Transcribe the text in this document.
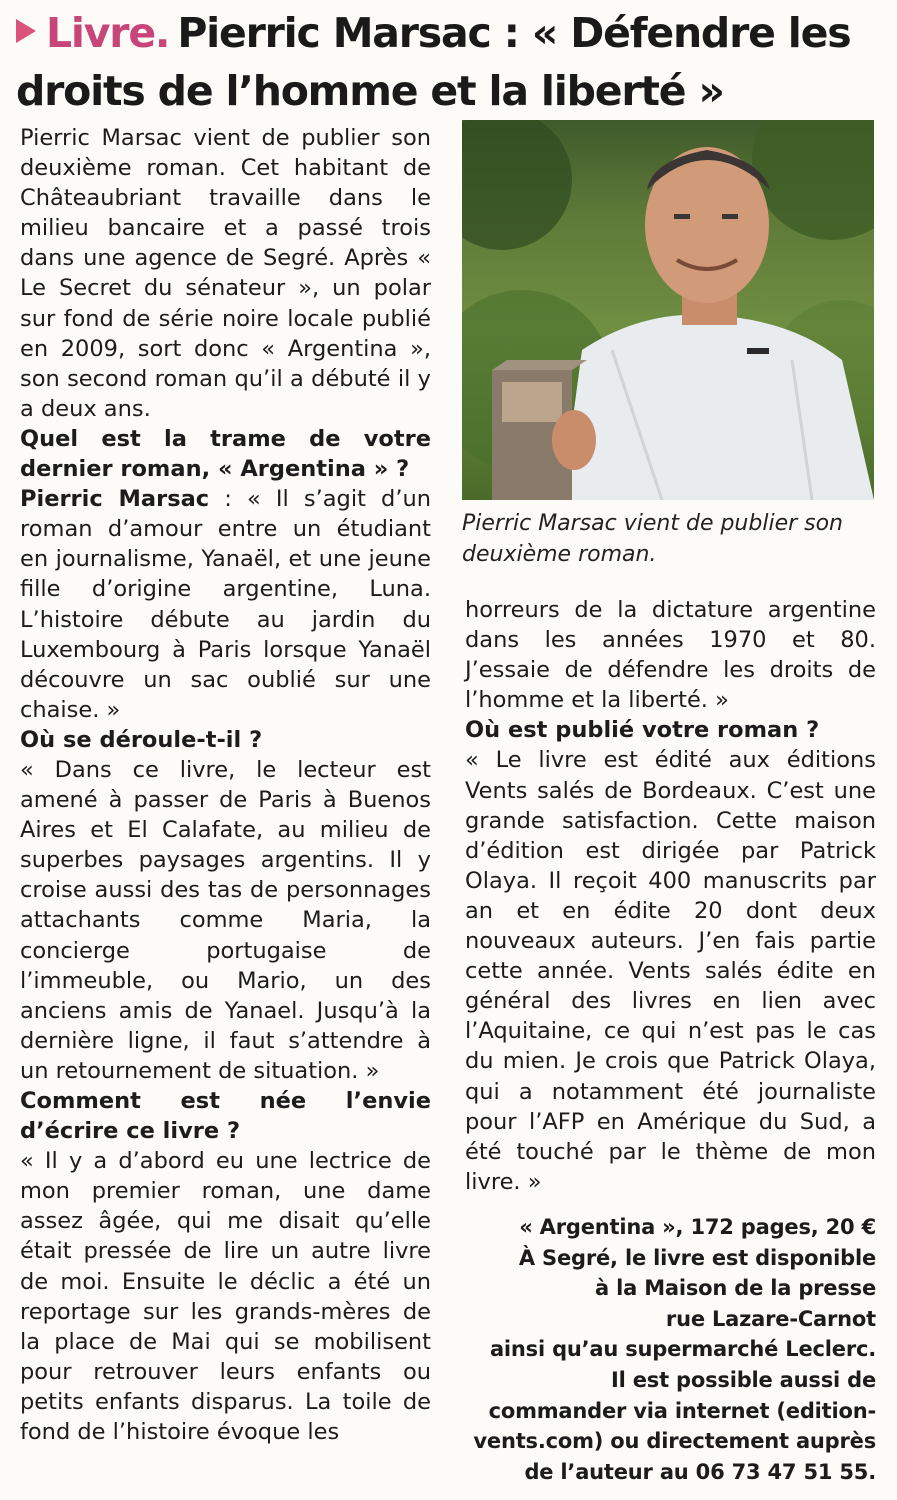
Livre. Pierric Marsac : « Défendre les droits de l’homme et la liberté »

Pierric Marsac vient de publier son deuxième roman. Cet habitant de Châteaubriant travaille dans le milieu bancaire et a passé trois dans une agence de Segré. Après « Le Secret du sénateur », un polar sur fond de série noire locale publié en 2009, sort donc « Argentina », son second roman qu’il a débuté il y a deux ans.

Quel est la trame de votre dernier roman, « Argentina » ?

Pierric Marsac : « Il s’agit d’un roman d’amour entre un étudiant en journalisme, Yanaël, et une jeune fille d’origine argentine, Luna. L’histoire débute au jardin du Luxembourg à Paris lorsque Yanaël découvre un sac oublié sur une chaise. »

Où se déroule-t-il ?

« Dans ce livre, le lecteur est amené à passer de Paris à Buenos Aires et El Calafate, au milieu de superbes paysages argentins. Il y croise aussi des tas de personnages attachants comme Maria, la concierge portugaise de l’immeuble, ou Mario, un des anciens amis de Yanael. Jusqu’à la dernière ligne, il faut s’attendre à un retournement de situation. »

Comment est née l’envie d’écrire ce livre ?

« Il y a d’abord eu une lectrice de mon premier roman, une dame assez âgée, qui me disait qu’elle était pressée de lire un autre livre de moi. Ensuite le déclic a été un reportage sur les grands-mères de la place de Mai qui se mobilisent pour retrouver leurs enfants ou petits enfants disparus. La toile de fond de l’histoire évoque les

Pierric Marsac vient de publier son deuxième roman.

horreurs de la dictature argentine dans les années 1970 et 80. J’essaie de défendre les droits de l’homme et la liberté. »

Où est publié votre roman ?

« Le livre est édité aux éditions Vents salés de Bordeaux. C’est une grande satisfaction. Cette maison d’édition est dirigée par Patrick Olaya. Il reçoit 400 manuscrits par an et en édite 20 dont deux nouveaux auteurs. J’en fais partie cette année. Vents salés édite en général des livres en lien avec l’Aquitaine, ce qui n’est pas le cas du mien. Je crois que Patrick Olaya, qui a notamment été journaliste pour l’AFP en Amérique du Sud, a été touché par le thème de mon livre. »

« Argentina », 172 pages, 20 €
À Segré, le livre est disponible
à la Maison de la presse
rue Lazare-Carnot
ainsi qu’au supermarché Leclerc.
Il est possible aussi de
commander via internet (edition-
vents.com) ou directement auprès
de l’auteur au 06 73 47 51 55.
